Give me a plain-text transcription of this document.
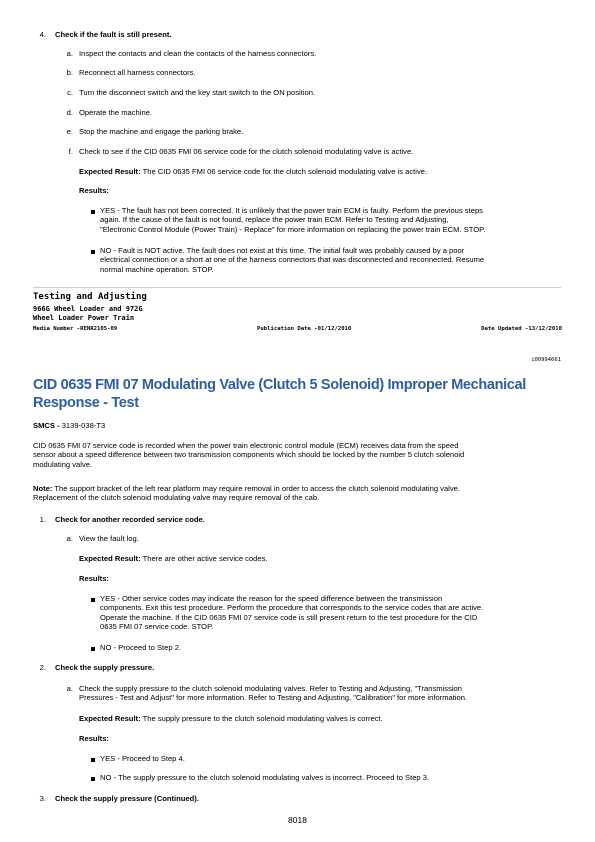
4. Check if the fault is still present.
a. Inspect the contacts and clean the contacts of the harness connectors.
b. Reconnect all harness connectors.
c. Turn the disconnect switch and the key start switch to the ON position.
d. Operate the machine.
e. Stop the machine and engage the parking brake.
f. Check to see if the CID 0635 FMI 06 service code for the clutch solenoid modulating valve is active.
Expected Result: The CID 0635 FMI 06 service code for the clutch solenoid modulating valve is active.
Results:
YES - The fault has not been corrected. It is unlikely that the power train ECM is faulty. Perform the previous steps
again. If the cause of the fault is not found, replace the power train ECM. Refer to Testing and Adjusting,
"Electronic Control Module (Power Train) - Replace" for more information on replacing the power train ECM. STOP.
NO - Fault is NOT active. The fault does not exist at this time. The initial fault was probably caused by a poor
electrical connection or a short at one of the harness connectors that was disconnected and reconnected. Resume
normal machine operation. STOP.
Testing and Adjusting
966G Wheel Loader and 972G
Wheel Loader Power Train
Media Number -RENR2105-09	Publication Date -01/12/2010	Date Updated -13/12/2010
i00994661
CID 0635 FMI 07 Modulating Valve (Clutch 5 Solenoid) Improper Mechanical
Response - Test
SMCS - 3139-038-T3
CID 0635 FMI 07 service code is recorded when the power train electronic control module (ECM) receives data from the speed
sensor about a speed difference between two transmission components which should be locked by the number 5 clutch solenoid
modulating valve.
Note: The support bracket of the left rear platform may require removal in order to access the clutch solenoid modulating valve.
Replacement of the clutch solenoid modulating valve may require removal of the cab.
1. Check for another recorded service code.
a. View the fault log.
Expected Result: There are other active service codes.
Results:
YES - Other service codes may indicate the reason for the speed difference between the transmission
components. Exit this test procedure. Perform the procedure that corresponds to the service codes that are active.
Operate the machine. If the CID 0635 FMI 07 service code is still present return to the test procedure for the CID
0635 FMI 07 service code. STOP.
NO - Proceed to Step 2.
2. Check the supply pressure.
a. Check the supply pressure to the clutch solenoid modulating valves. Refer to Testing and Adjusting, "Transmission
Pressures - Test and Adjust" for more information. Refer to Testing and Adjusting, "Calibration" for more information.
Expected Result: The supply pressure to the clutch solenoid modulating valves is correct.
Results:
YES - Proceed to Step 4.
NO - The supply pressure to the clutch solenoid modulating valves is incorrect. Proceed to Step 3.
3. Check the supply pressure (Continued).
8018
